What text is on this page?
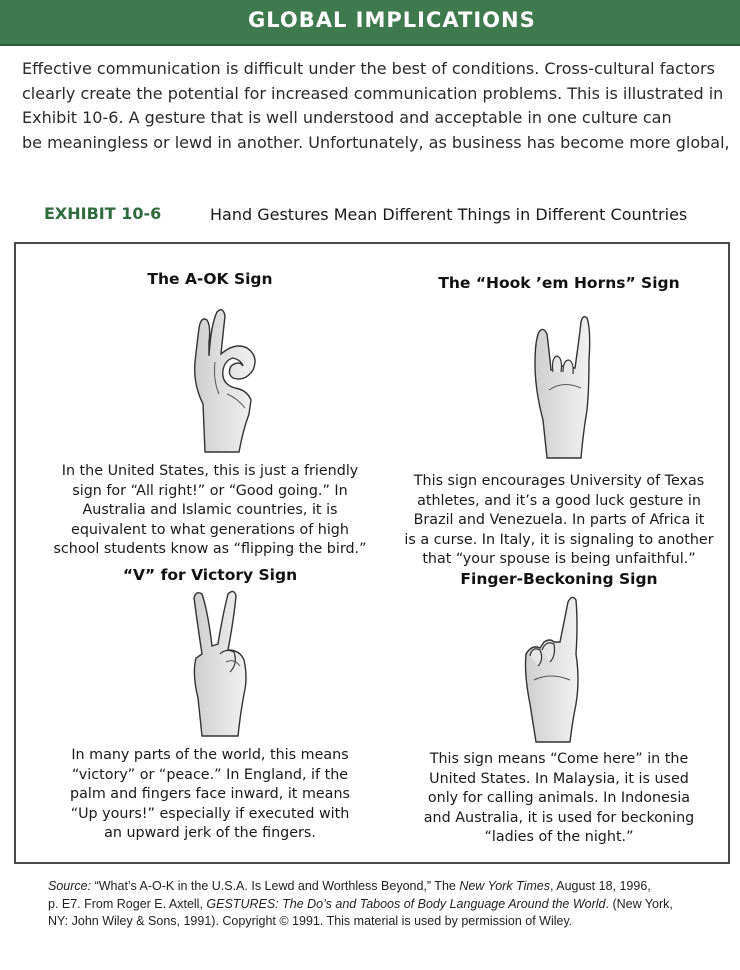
GLOBAL IMPLICATIONS
Effective communication is difficult under the best of conditions. Cross-cultural factors
clearly create the potential for increased communication problems. This is illustrated in
Exhibit 10-6. A gesture that is well understood and acceptable in one culture can
be meaningless or lewd in another. Unfortunately, as business has become more global,
EXHIBIT 10-6	Hand Gestures Mean Different Things in Different Countries
The A-OK Sign
In the United States, this is just a friendly
sign for “All right!” or “Good going.” In
Australia and Islamic countries, it is
equivalent to what generations of high
school students know as “flipping the bird.”
The “Hook ’em Horns” Sign
This sign encourages University of Texas
athletes, and it’s a good luck gesture in
Brazil and Venezuela. In parts of Africa it
is a curse. In Italy, it is signaling to another
that “your spouse is being unfaithful.”
“V” for Victory Sign
In many parts of the world, this means
“victory” or “peace.” In England, if the
palm and fingers face inward, it means
“Up yours!” especially if executed with
an upward jerk of the fingers.
Finger-Beckoning Sign
This sign means “Come here” in the
United States. In Malaysia, it is used
only for calling animals. In Indonesia
and Australia, it is used for beckoning
“ladies of the night.”
Source: “What’s A-O-K in the U.S.A. Is Lewd and Worthless Beyond,” The New York Times, August 18, 1996,
p. E7. From Roger E. Axtell, GESTURES: The Do’s and Taboos of Body Language Around the World. (New York,
NY: John Wiley & Sons, 1991). Copyright © 1991. This material is used by permission of Wiley.
